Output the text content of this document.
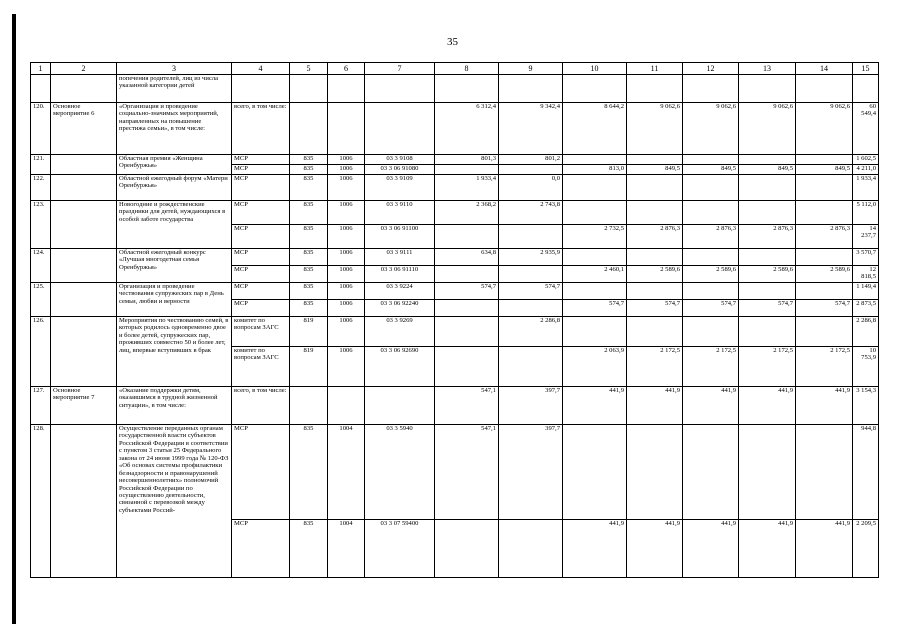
35
1	2	3	4	5	6	7	8	9	10	11	12	13	14	15
		попечения родителей, лиц из числа указанной категории детей												
120.	Основное мероприятие 6	«Организация и проведение социально-значимых мероприятий, направленных на повышение престижа семьи», в том числе:	всего, в том числе:				6 312,4	9 342,4	8 644,2	9 062,6	9 062,6	9 062,6	9 062,6	60 549,4
121.		Областная премия «Женщина Оренбуржья»	МСР	835	1006	03 3 9108	801,3	801,2						1 602,5
			МСР	835	1006	03 3 06 91080			813,0	849,5	849,5	849,5	849,5	4 211,0
122.		Областной ежегодный форум «Матери Оренбуржья»	МСР	835	1006	03 3 9109	1 933,4	0,0						1 933,4
123.		Новогодние и рождественские праздники для детей, нуждающихся в особой заботе государства	МСР	835	1006	03 3 9110	2 368,2	2 743,8						5 112,0
			МСР	835	1006	03 3 06 91100			2 732,5	2 876,3	2 876,3	2 876,3	2 876,3	14 237,7
124.		Областной ежегодный конкурс «Лучшая многодетная семья Оренбуржья»	МСР	835	1006	03 3 9111	634,8	2 935,9						3 570,7
			МСР	835	1006	03 3 06 91110			2 460,1	2 589,6	2 589,6	2 589,6	2 589,6	12 818,5
125.		Организация и проведение чествования супружеских пар в День семьи, любви и верности	МСР	835	1006	03 3 9224	574,7	574,7						1 149,4
			МСР	835	1006	03 3 06 92240			574,7	574,7	574,7	574,7	574,7	2 873,5
126.		Мероприятия по чествованию семей, в которых родилось одновременно двое и более детей, супружеских пар, проживших совместно 50 и более лет, лиц, впервые вступивших в брак	комитет по вопросам ЗАГС	819	1006	03 3 9269		2 286,8						2 286,8
			комитет по вопросам ЗАГС	819	1006	03 3 06 92690			2 063,9	2 172,5	2 172,5	2 172,5	2 172,5	10 753,9
127.	Основное мероприятие 7	«Оказание поддержки детям, оказавшимся в трудной жизненной ситуации», в том числе:	всего, в том числе:				547,1	397,7	441,9	441,9	441,9	441,9	441,9	3 154,3
128.		Осуществление переданных органам государственной власти субъектов Российской Федерации в соответствии с пунктом 3 статьи 25 Федерального закона от 24 июня 1999 года № 120-ФЗ «Об основах системы профилактики безнадзорности и правонарушений несовершеннолетних» полномочий Российской Федерации по осуществлению деятельности, связанной с перевозкой между субъектами Россий-	МСР	835	1004	03 3 5940	547,1	397,7						944,8
			МСР	835	1004	03 3 07 59400			441,9	441,9	441,9	441,9	441,9	2 209,5
